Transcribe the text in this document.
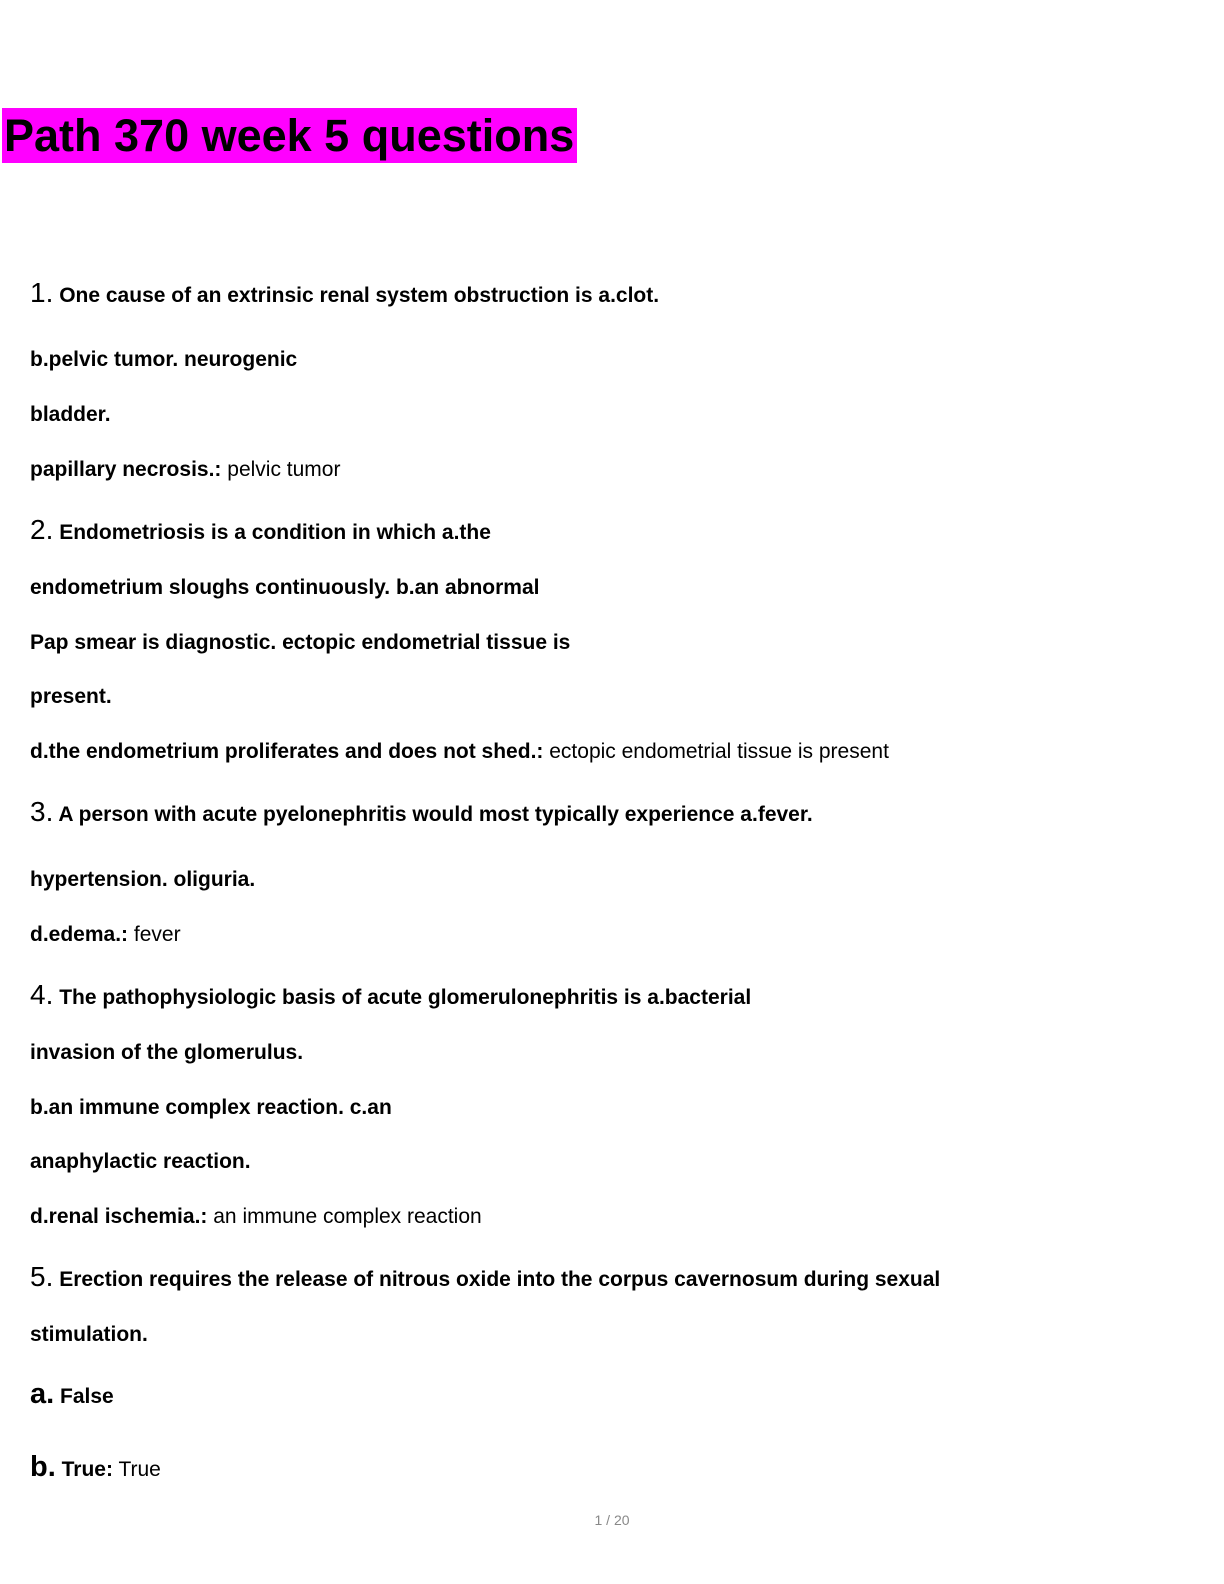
Path 370 week 5 questions
1. One cause of an extrinsic renal system obstruction is a.clot.
b.pelvic tumor. neurogenic
bladder.
papillary necrosis.: pelvic tumor
2. Endometriosis is a condition in which a.the
endometrium sloughs continuously. b.an abnormal
Pap smear is diagnostic. ectopic endometrial tissue is
present.
d.the endometrium proliferates and does not shed.: ectopic endometrial tissue is present
3. A person with acute pyelonephritis would most typically experience a.fever.
hypertension. oliguria.
d.edema.: fever
4. The pathophysiologic basis of acute glomerulonephritis is a.bacterial
invasion of the glomerulus.
b.an immune complex reaction. c.an
anaphylactic reaction.
d.renal ischemia.: an immune complex reaction
5. Erection requires the release of nitrous oxide into the corpus cavernosum during sexual
stimulation.
a. False
b. True: True
1 / 20
